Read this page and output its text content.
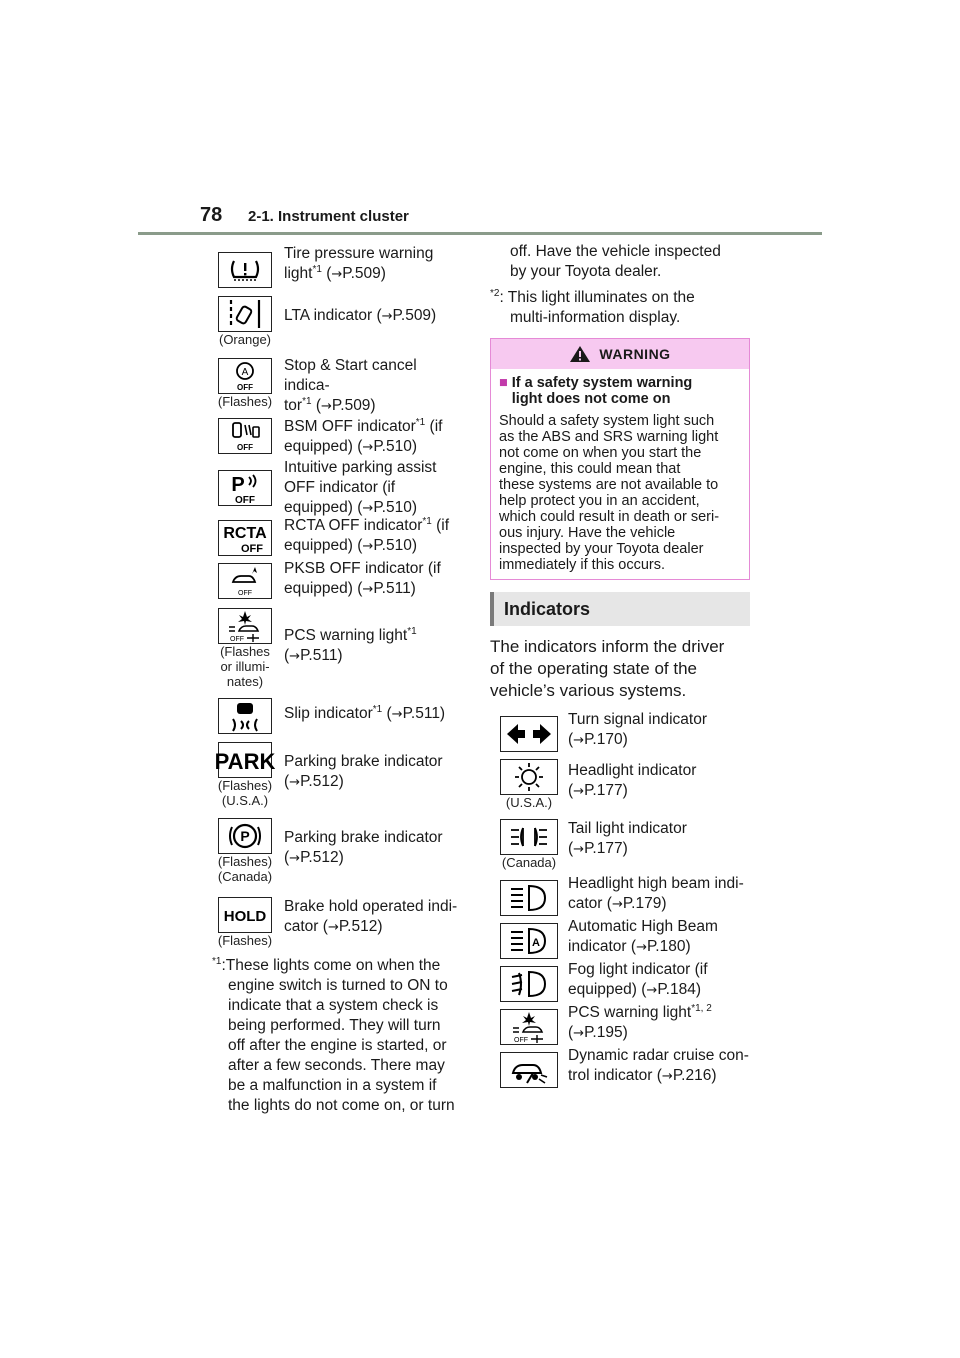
78 2-1. Instrument cluster
Tire pressure warning
light$^{*1}$ (→P.509)
(Orange)
LTA indicator (→P.509)
A
OFF
(Flashes)
Stop & Start cancel indica-
tor$^{*1}$ (→P.509)
OFF
BSM OFF indicator$^{*1}$ (if
equipped) (→P.510)
P
OFF
Intuitive parking assist
OFF indicator (if
equipped) (→P.510)
RCTA
OFF
RCTA OFF indicator$^{*1}$ (if
equipped) (→P.510)
OFF
PKSB OFF indicator (if
equipped) (→P.511)
OFF
(Flashes
or illumi-
nates)
PCS warning light$^{*1}$
(→P.511)
Slip indicator$^{*1}$ (→P.511)
PARK
(Flashes)
(U.S.A.)
Parking brake indicator
(→P.512)
P
(Flashes)
(Canada)
Parking brake indicator
(→P.512)
HOLD
(Flashes)
Brake hold operated indi-
cator (→P.512)
$^{*1}$:These lights come on when the
engine switch is turned to ON to
indicate that a system check is
being performed. They will turn
off after the engine is started, or
after a few seconds. There may
be a malfunction in a system if
the lights do not come on, or turn
off. Have the vehicle inspected
by your Toyota dealer.
$^{*2}$: This light illuminates on the
multi-information display.
WARNING
■ If a safety system warning
light does not come on
Should a safety system light such
as the ABS and SRS warning light
not come on when you start the
engine, this could mean that
these systems are not available to
help protect you in an accident,
which could result in death or seri-
ous injury. Have the vehicle
inspected by your Toyota dealer
immediately if this occurs.
Indicators
The indicators inform the driver
of the operating state of the
vehicle’s various systems.
Turn signal indicator
(→P.170)
(U.S.A.)
Headlight indicator
(→P.177)
(Canada)
Tail light indicator
(→P.177)
Headlight high beam indi-
cator (→P.179)
A
Automatic High Beam
indicator (→P.180)
Fog light indicator (if
equipped) (→P.184)
OFF
PCS warning light$^{*1, 2}$
(→P.195)
Dynamic radar cruise con-
trol indicator (→P.216)
